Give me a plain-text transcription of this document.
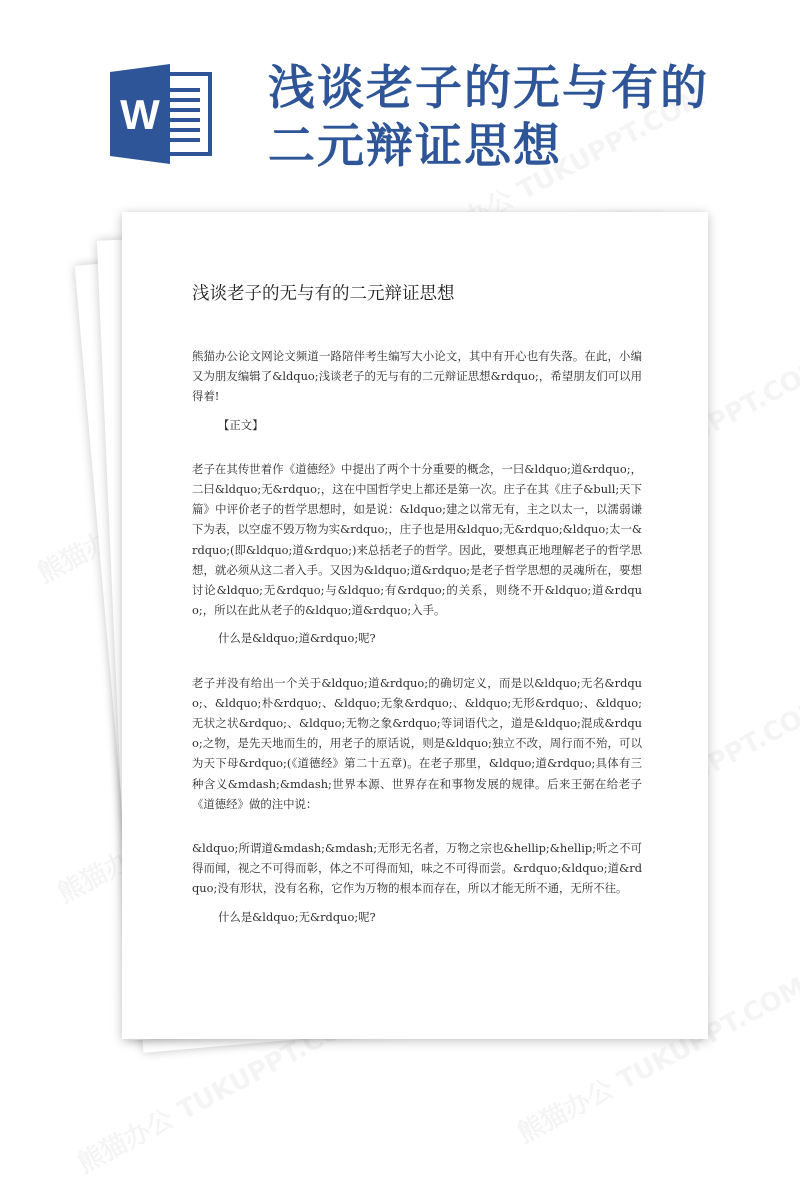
W 浅谈老子的无与有的二元辩证思想
浅谈老子的无与有的二元辩证思想

熊猫办公论文网论文频道一路陪伴考生编写大小论文，其中有开心也有失落。在此，小编又为朋友编辑了&ldquo;浅谈老子的无与有的二元辩证思想&rdquo;，希望朋友们可以用得着!

【正文】

老子在其传世着作《道德经》中提出了两个十分重要的概念，一曰&ldquo;道&rdquo;，二曰&ldquo;无&rdquo;，这在中国哲学史上都还是第一次。庄子在其《庄子&bull;天下篇》中评价老子的哲学思想时，如是说：&ldquo;建之以常无有，主之以太一，以濡弱谦下为表，以空虚不毁万物为实&rdquo;，庄子也是用&ldquo;无&rdquo;&ldquo;太一&rdquo;(即&ldquo;道&rdquo;)来总括老子的哲学。因此，要想真正地理解老子的哲学思想，就必须从这二者入手。又因为&ldquo;道&rdquo;是老子哲学思想的灵魂所在，要想讨论&ldquo;无&rdquo;与&ldquo;有&rdquo;的关系，则绕不开&ldquo;道&rdquo;，所以在此从老子的&ldquo;道&rdquo;入手。

什么是&ldquo;道&rdquo;呢?

老子并没有给出一个关于&ldquo;道&rdquo;的确切定义，而是以&ldquo;无名&rdquo;、&ldquo;朴&rdquo;、&ldquo;无象&rdquo;、&ldquo;无形&rdquo;、&ldquo;无状之状&rdquo;、&ldquo;无物之象&rdquo;等词语代之，道是&ldquo;混成&rdquo;之物，是先天地而生的，用老子的原话说，则是&ldquo;独立不改，周行而不殆，可以为天下母&rdquo;(《道德经》第二十五章)。在老子那里，&ldquo;道&rdquo;具体有三种含义&mdash;&mdash;世界本源、世界存在和事物发展的规律。后来王弼在给老子《道德经》做的注中说：

&ldquo;所谓道&mdash;&mdash;无形无名者，万物之宗也&hellip;&hellip;听之不可得而闻，视之不可得而彰，体之不可得而知，味之不可得而尝。&rdquo;&ldquo;道&rdquo;没有形状，没有名称，它作为万物的根本而存在，所以才能无所不通，无所不往。

什么是&ldquo;无&rdquo;呢?
